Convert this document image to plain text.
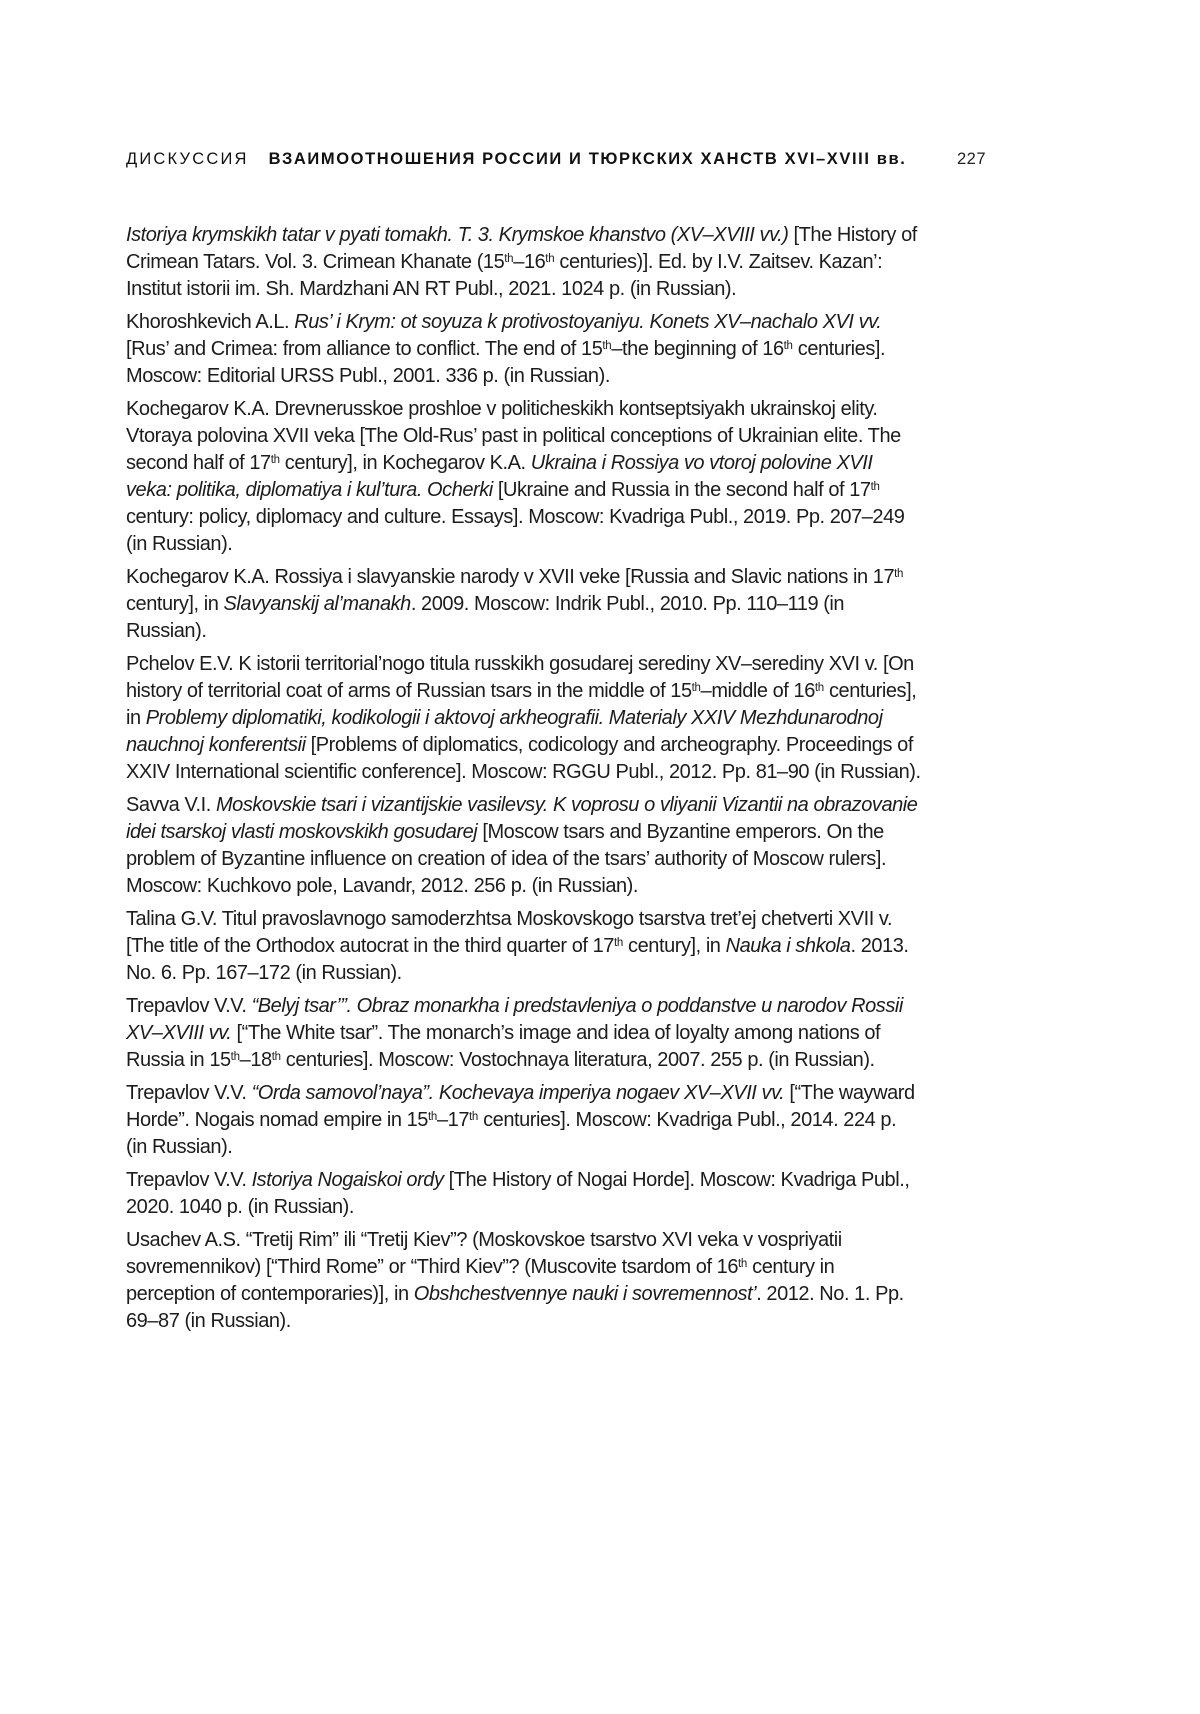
ДИСКУССИЯ ВЗАИМООТНОШЕНИЯ РОССИИ И ТЮРКСКИХ ХАНСТВ XVI–XVIII вв.	227

Istoriya krymskikh tatar v pyati tomakh. T. 3. Krymskoe khanstvo (XV–XVIII vv.) [The History of Crimean Tatars. Vol. 3. Crimean Khanate (15th–16th centuries)]. Ed. by I.V. Zaitsev. Kazan’: Institut istorii im. Sh. Mardzhani AN RT Publ., 2021. 1024 p. (in Russian).

Khoroshkevich A.L. Rus’ i Krym: ot soyuza k protivostoyaniyu. Konets XV–nachalo XVI vv. [Rus’ and Crimea: from alliance to conflict. The end of 15th–the beginning of 16th centuries]. Moscow: Editorial URSS Publ., 2001. 336 p. (in Russian).

Kochegarov K.A. Drevnerusskoe proshloe v politicheskikh kontseptsiyakh ukrainskoj elity. Vtoraya polovina XVII veka [The Old-Rus’ past in political conceptions of Ukrainian elite. The second half of 17th century], in Kochegarov K.A. Ukraina i Rossiya vo vtoroj polovine XVII veka: politika, diplomatiya i kul’tura. Ocherki [Ukraine and Russia in the second half of 17th century: policy, diplomacy and culture. Essays]. Moscow: Kvadriga Publ., 2019. Pp. 207–249 (in Russian).

Kochegarov K.A. Rossiya i slavyanskie narody v XVII veke [Russia and Slavic nations in 17th century], in Slavyanskij al’manakh. 2009. Moscow: Indrik Publ., 2010. Pp. 110–119 (in Russian).

Pchelov E.V. K istorii territorial’nogo titula russkikh gosudarej serediny XV–serediny XVI v. [On history of territorial coat of arms of Russian tsars in the middle of 15th–middle of 16th centuries], in Problemy diplomatiki, kodikologii i aktovoj arkheografii. Materialy XXIV Mezhdunarodnoj nauchnoj konferentsii [Problems of diplomatics, codicology and archeography. Proceedings of XXIV International scientific conference]. Moscow: RGGU Publ., 2012. Pp. 81–90 (in Russian).

Savva V.I. Moskovskie tsari i vizantijskie vasilevsy. K voprosu o vliyanii Vizantii na obrazovanie idei tsarskoj vlasti moskovskikh gosudarej [Moscow tsars and Byzantine emperors. On the problem of Byzantine influence on creation of idea of the tsars’ authority of Moscow rulers]. Moscow: Kuchkovo pole, Lavandr, 2012. 256 p. (in Russian).

Talina G.V. Titul pravoslavnogo samoderzhtsa Moskovskogo tsarstva tret’ej chetverti XVII v. [The title of the Orthodox autocrat in the third quarter of 17th century], in Nauka i shkola. 2013. No. 6. Pp. 167–172 (in Russian).

Trepavlov V.V. “Belyj tsar’”. Obraz monarkha i predstavleniya o poddanstve u narodov Rossii XV–XVIII vv. [“The White tsar”. The monarch’s image and idea of loyalty among nations of Russia in 15th–18th centuries]. Moscow: Vostochnaya literatura, 2007. 255 p. (in Russian).

Trepavlov V.V. “Orda samovol’naya”. Kochevaya imperiya nogaev XV–XVII vv. [“The wayward Horde”. Nogais nomad empire in 15th–17th centuries]. Moscow: Kvadriga Publ., 2014. 224 p. (in Russian).

Trepavlov V.V. Istoriya Nogaiskoi ordy [The History of Nogai Horde]. Moscow: Kvadriga Publ., 2020. 1040 p. (in Russian).

Usachev A.S. “Tretij Rim” ili “Tretij Kiev”? (Moskovskoe tsarstvo XVI veka v vospriyatii sovremennikov) [“Third Rome” or “Third Kiev”? (Muscovite tsardom of 16th century in perception of contemporaries)], in Obshchestvennye nauki i sovremennost’. 2012. No. 1. Pp. 69–87 (in Russian).
